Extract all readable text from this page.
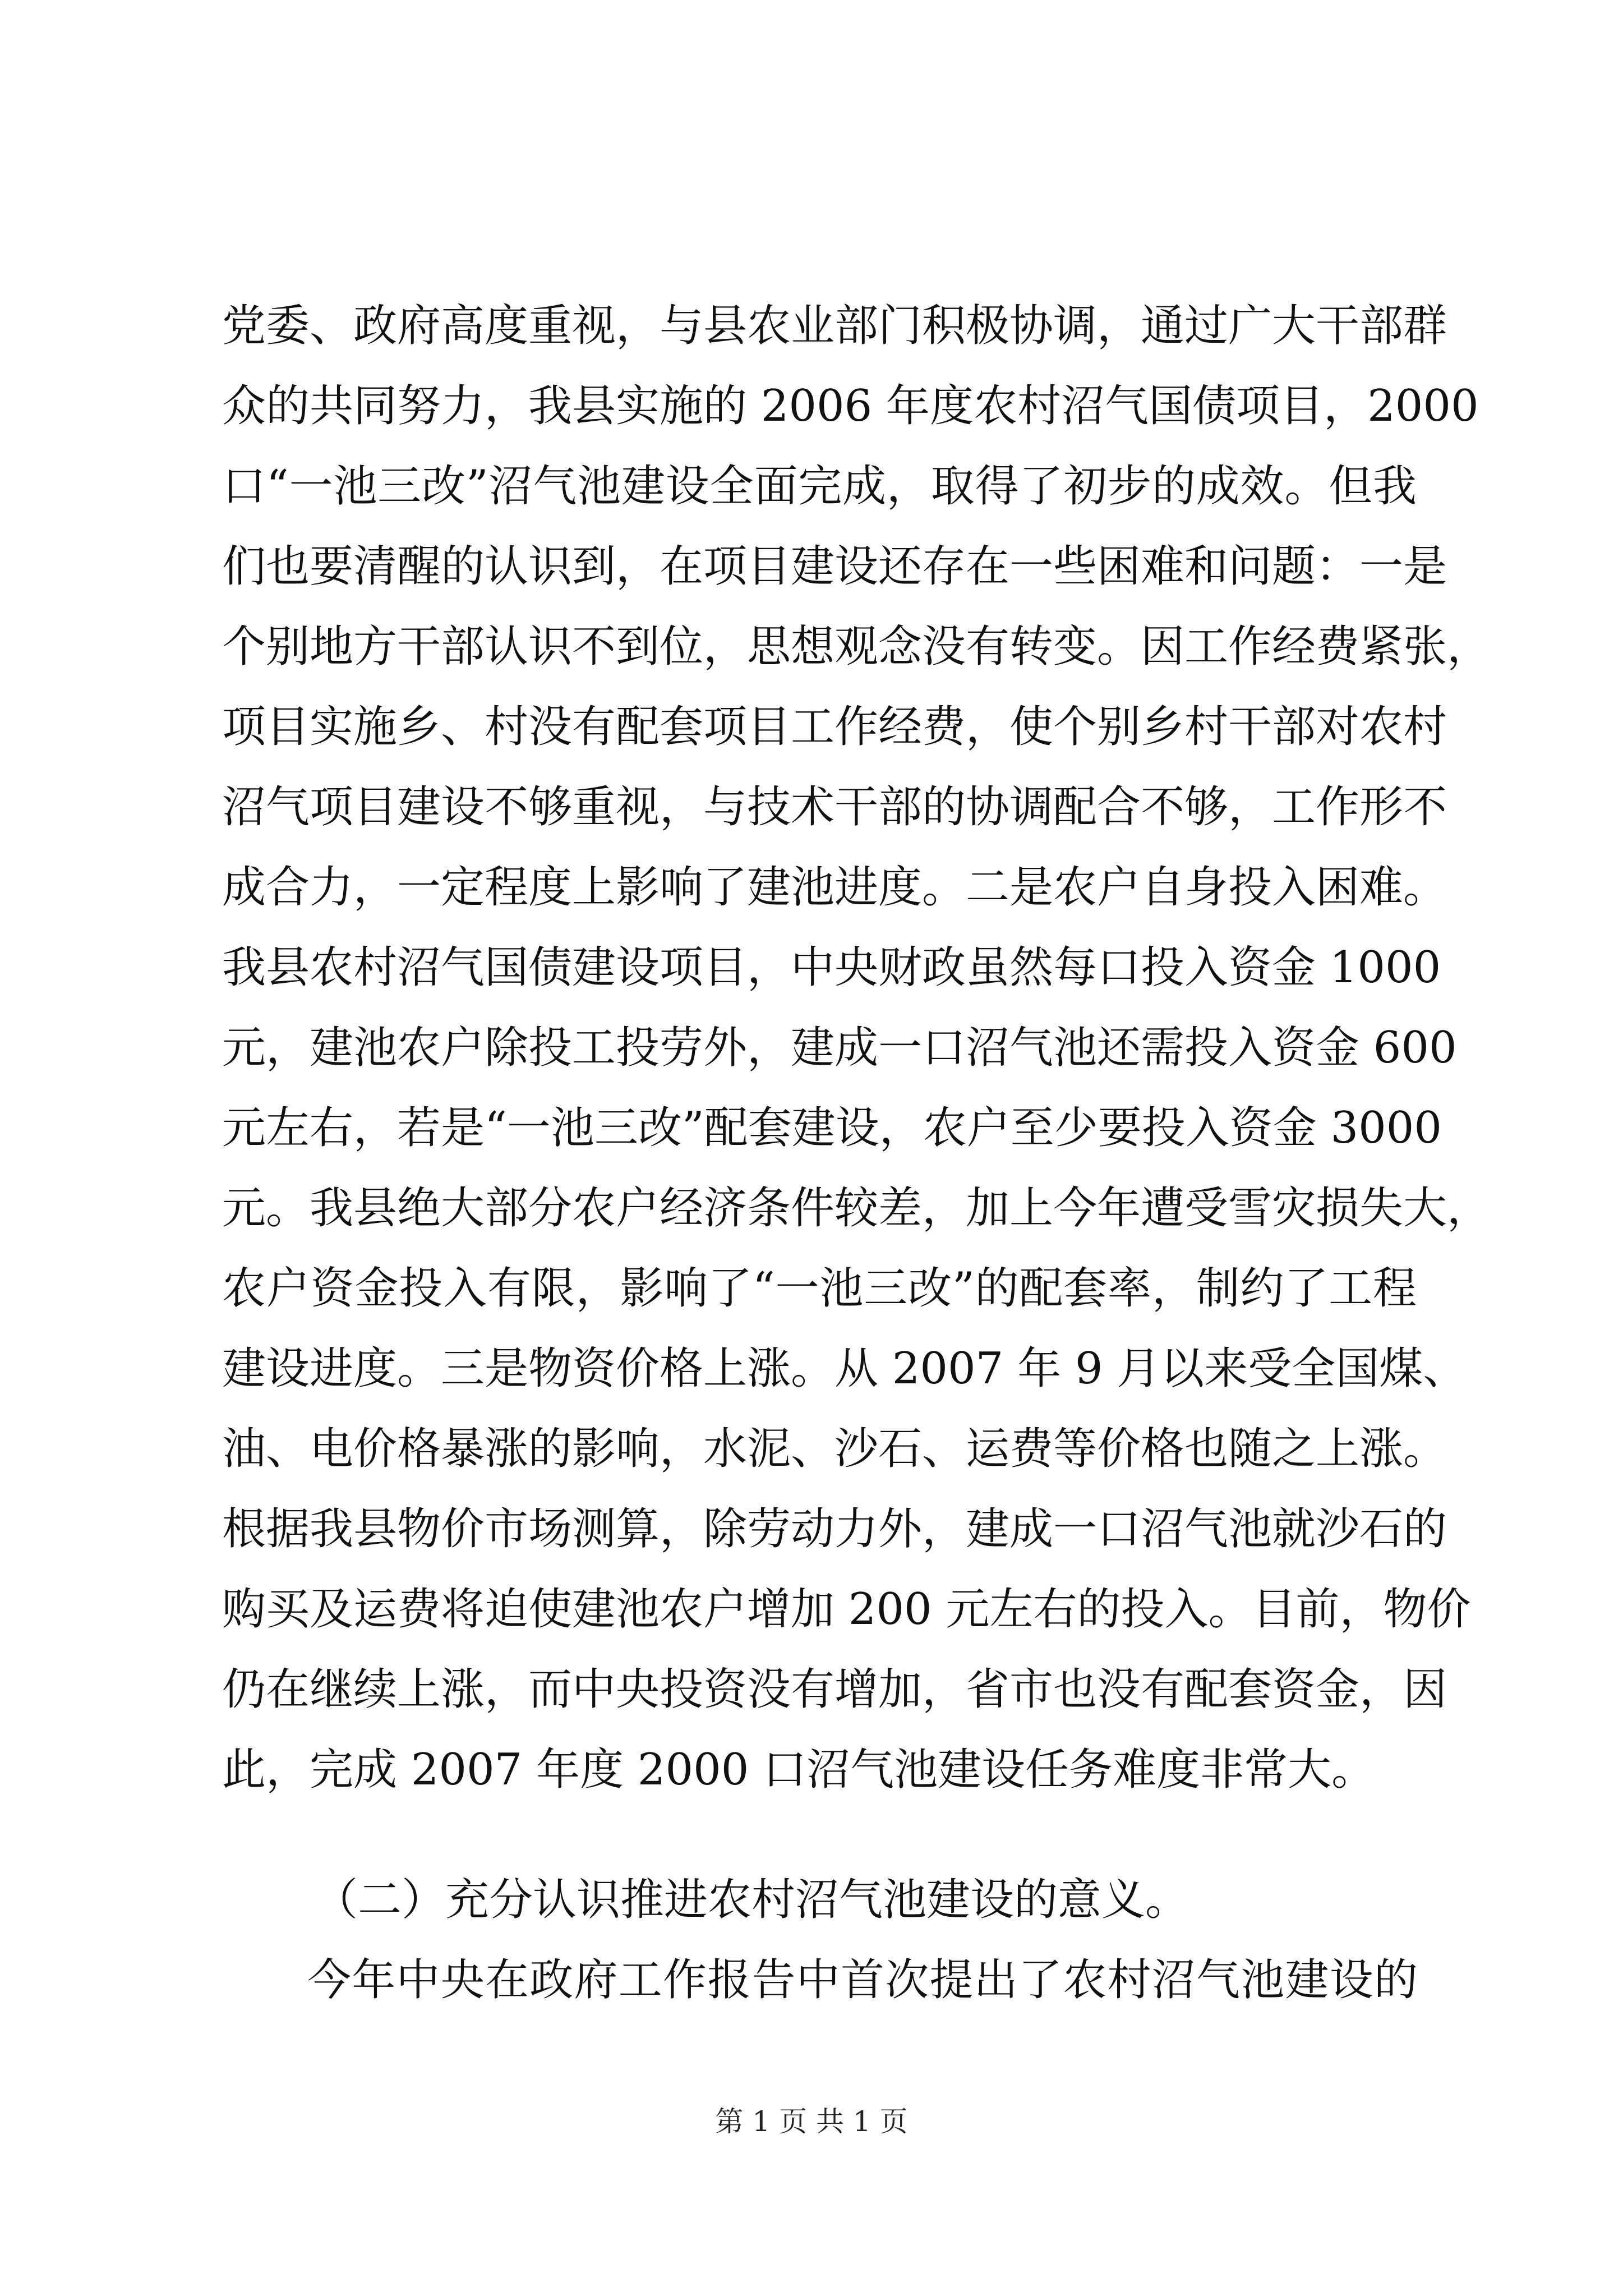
党委、政府高度重视，与县农业部门积极协调，通过广大干部群
众的共同努力，我县实施的 2006 年度农村沼气国债项目，2000
口“一池三改”沼气池建设全面完成，取得了初步的成效。但我
们也要清醒的认识到，在项目建设还存在一些困难和问题：一是
个别地方干部认识不到位，思想观念没有转变。因工作经费紧张，
项目实施乡、村没有配套项目工作经费，使个别乡村干部对农村
沼气项目建设不够重视，与技术干部的协调配合不够，工作形不
成合力，一定程度上影响了建池进度。二是农户自身投入困难。
我县农村沼气国债建设项目，中央财政虽然每口投入资金 1000
元，建池农户除投工投劳外，建成一口沼气池还需投入资金 600
元左右，若是“一池三改”配套建设，农户至少要投入资金 3000
元。我县绝大部分农户经济条件较差，加上今年遭受雪灾损失大，
农户资金投入有限，影响了“一池三改”的配套率，制约了工程
建设进度。三是物资价格上涨。从 2007 年 9 月以来受全国煤、
油、电价格暴涨的影响，水泥、沙石、运费等价格也随之上涨。
根据我县物价市场测算，除劳动力外，建成一口沼气池就沙石的
购买及运费将迫使建池农户增加 200 元左右的投入。目前，物价
仍在继续上涨，而中央投资没有增加，省市也没有配套资金，因
此，完成 2007 年度 2000 口沼气池建设任务难度非常大。
（二）充分认识推进农村沼气池建设的意义。
今年中央在政府工作报告中首次提出了农村沼气池建设的
第 1 页 共 1 页
